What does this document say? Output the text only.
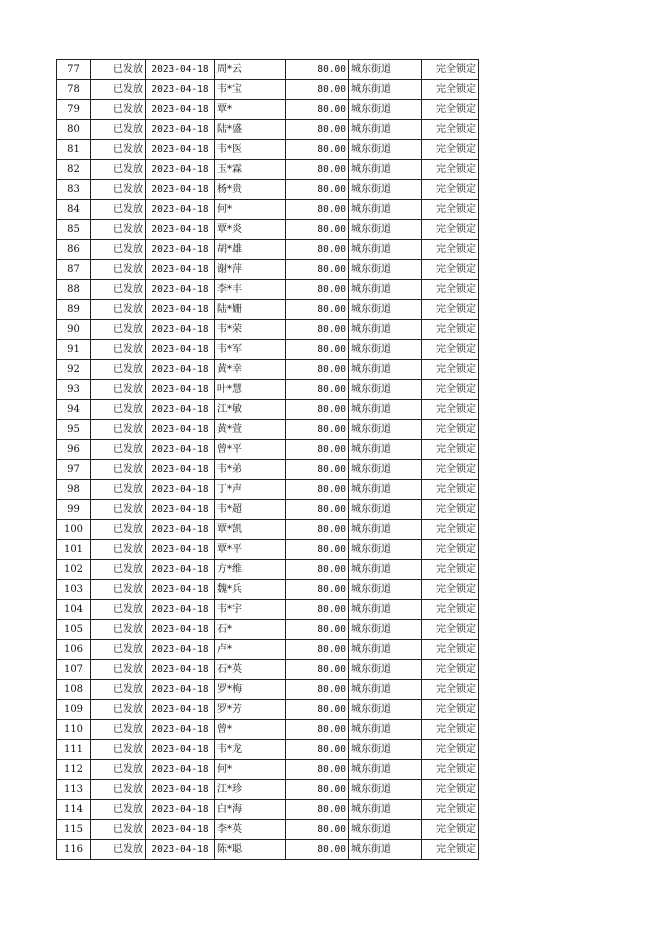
77	已发放	2023-04-18	周*云	80.00	城东街道	完全锁定
78	已发放	2023-04-18	韦*宝	80.00	城东街道	完全锁定
79	已发放	2023-04-18	覃*	80.00	城东街道	完全锁定
80	已发放	2023-04-18	陆*盛	80.00	城东街道	完全锁定
81	已发放	2023-04-18	韦*医	80.00	城东街道	完全锁定
82	已发放	2023-04-18	玉*霖	80.00	城东街道	完全锁定
83	已发放	2023-04-18	杨*贵	80.00	城东街道	完全锁定
84	已发放	2023-04-18	何*	80.00	城东街道	完全锁定
85	已发放	2023-04-18	覃*炎	80.00	城东街道	完全锁定
86	已发放	2023-04-18	胡*雄	80.00	城东街道	完全锁定
87	已发放	2023-04-18	谢*萍	80.00	城东街道	完全锁定
88	已发放	2023-04-18	李*丰	80.00	城东街道	完全锁定
89	已发放	2023-04-18	陆*姗	80.00	城东街道	完全锁定
90	已发放	2023-04-18	韦*荣	80.00	城东街道	完全锁定
91	已发放	2023-04-18	韦*军	80.00	城东街道	完全锁定
92	已发放	2023-04-18	黄*幸	80.00	城东街道	完全锁定
93	已发放	2023-04-18	叶*慧	80.00	城东街道	完全锁定
94	已发放	2023-04-18	江*敏	80.00	城东街道	完全锁定
95	已发放	2023-04-18	黄*萱	80.00	城东街道	完全锁定
96	已发放	2023-04-18	曾*平	80.00	城东街道	完全锁定
97	已发放	2023-04-18	韦*弟	80.00	城东街道	完全锁定
98	已发放	2023-04-18	丁*声	80.00	城东街道	完全锁定
99	已发放	2023-04-18	韦*超	80.00	城东街道	完全锁定
100	已发放	2023-04-18	覃*凯	80.00	城东街道	完全锁定
101	已发放	2023-04-18	覃*平	80.00	城东街道	完全锁定
102	已发放	2023-04-18	方*维	80.00	城东街道	完全锁定
103	已发放	2023-04-18	魏*兵	80.00	城东街道	完全锁定
104	已发放	2023-04-18	韦*宇	80.00	城东街道	完全锁定
105	已发放	2023-04-18	石*	80.00	城东街道	完全锁定
106	已发放	2023-04-18	卢*	80.00	城东街道	完全锁定
107	已发放	2023-04-18	石*英	80.00	城东街道	完全锁定
108	已发放	2023-04-18	罗*梅	80.00	城东街道	完全锁定
109	已发放	2023-04-18	罗*芳	80.00	城东街道	完全锁定
110	已发放	2023-04-18	曾*	80.00	城东街道	完全锁定
111	已发放	2023-04-18	韦*龙	80.00	城东街道	完全锁定
112	已发放	2023-04-18	何*	80.00	城东街道	完全锁定
113	已发放	2023-04-18	江*珍	80.00	城东街道	完全锁定
114	已发放	2023-04-18	白*海	80.00	城东街道	完全锁定
115	已发放	2023-04-18	李*英	80.00	城东街道	完全锁定
116	已发放	2023-04-18	陈*聪	80.00	城东街道	完全锁定
